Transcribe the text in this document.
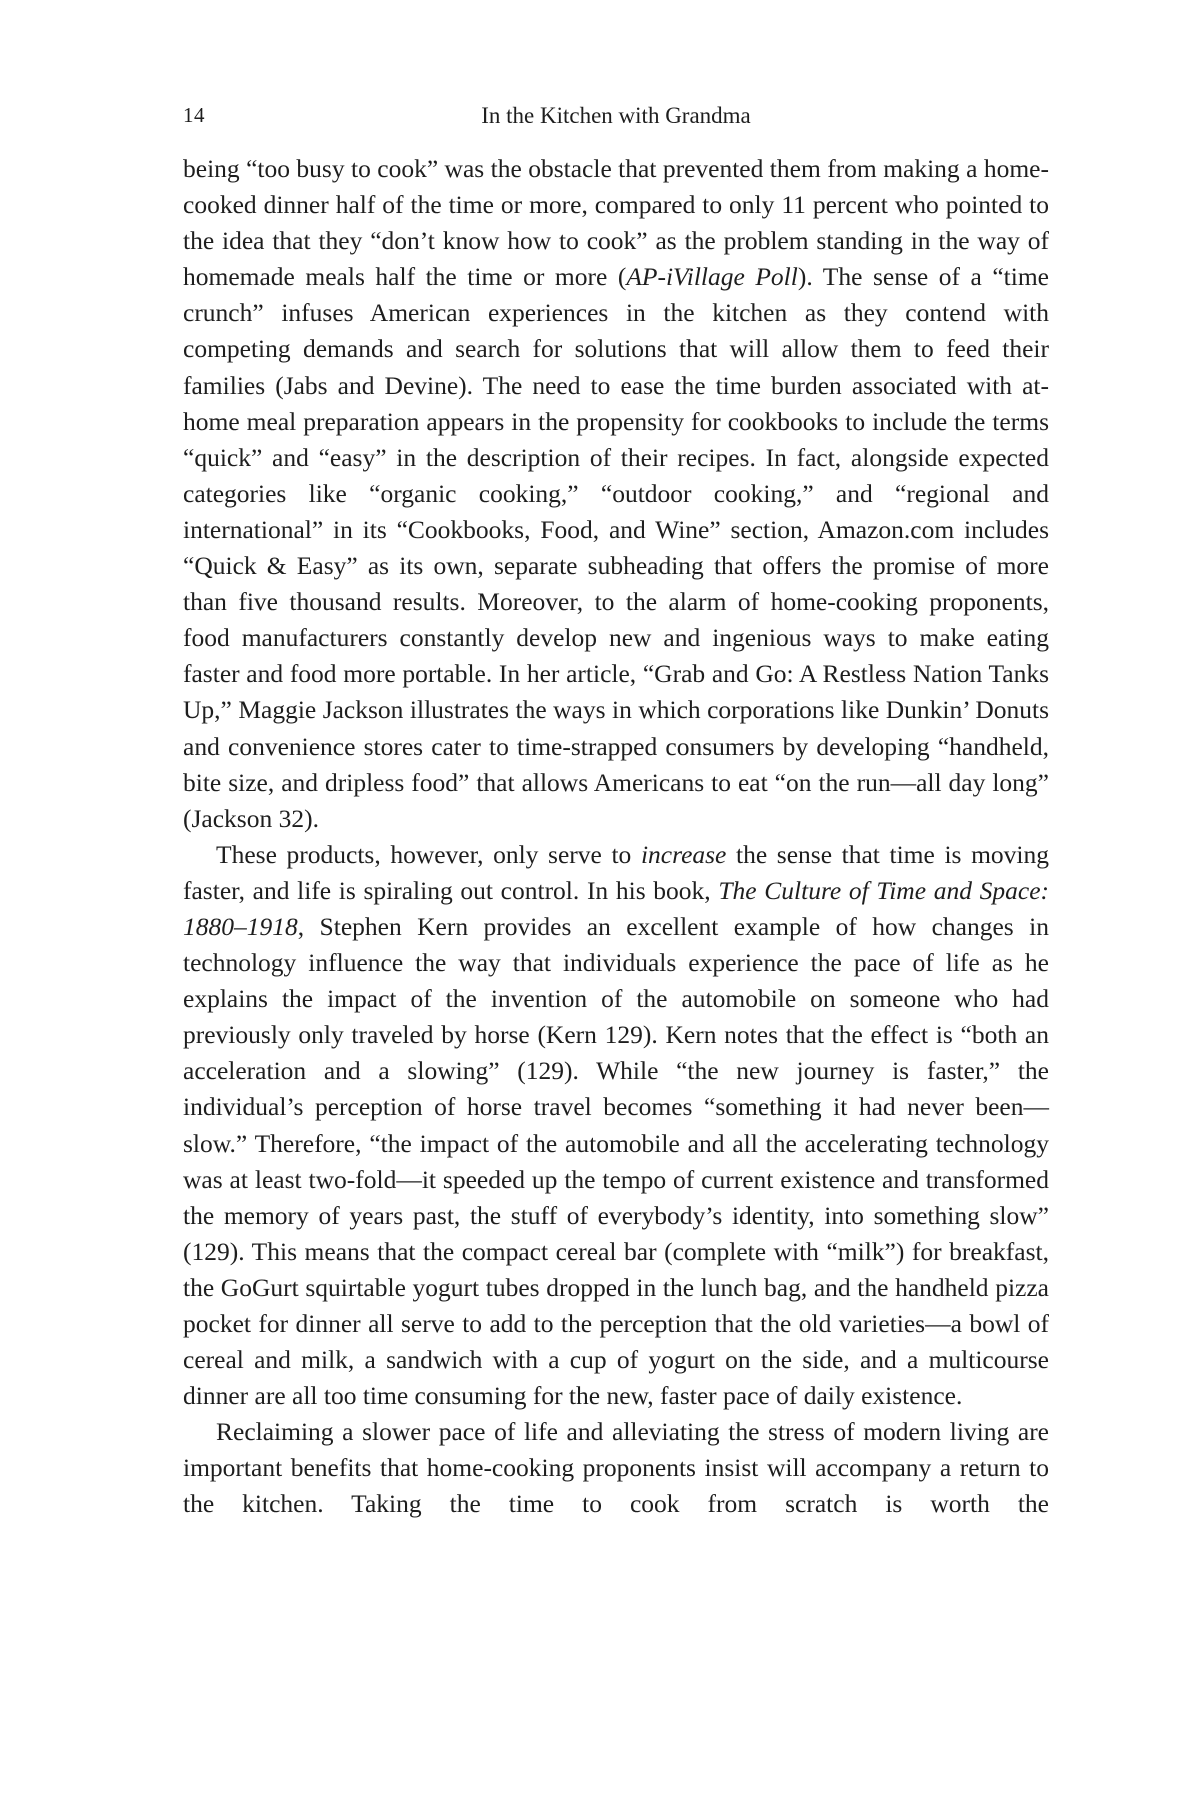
14	In the Kitchen with Grandma

being “too busy to cook” was the obstacle that prevented them from making a home-cooked dinner half of the time or more, compared to only 11 percent who pointed to the idea that they “don’t know how to cook” as the problem standing in the way of homemade meals half the time or more (AP-iVillage Poll). The sense of a “time crunch” infuses American experiences in the kitchen as they contend with competing demands and search for solutions that will allow them to feed their families (Jabs and Devine). The need to ease the time burden associated with at-home meal preparation appears in the propensity for cookbooks to include the terms “quick” and “easy” in the description of their recipes. In fact, alongside expected categories like “organic cooking,” “outdoor cooking,” and “regional and international” in its “Cookbooks, Food, and Wine” section, Amazon.com includes “Quick & Easy” as its own, separate subheading that offers the promise of more than five thousand results. Moreover, to the alarm of home-cooking proponents, food manufacturers constantly develop new and ingenious ways to make eating faster and food more portable. In her article, “Grab and Go: A Restless Nation Tanks Up,” Maggie Jackson illustrates the ways in which corporations like Dunkin’ Donuts and convenience stores cater to time-strapped consumers by developing “handheld, bite size, and dripless food” that allows Americans to eat “on the run—all day long” (Jackson 32).

These products, however, only serve to increase the sense that time is moving faster, and life is spiraling out control. In his book, The Culture of Time and Space: 1880–1918, Stephen Kern provides an excellent example of how changes in technology influence the way that individuals experience the pace of life as he explains the impact of the invention of the automobile on someone who had previously only traveled by horse (Kern 129). Kern notes that the effect is “both an acceleration and a slowing” (129). While “the new journey is faster,” the individual’s perception of horse travel becomes “something it had never been—slow.” Therefore, “the impact of the automobile and all the accelerating technology was at least two-fold—it speeded up the tempo of current existence and transformed the memory of years past, the stuff of everybody’s identity, into something slow” (129). This means that the compact cereal bar (complete with “milk”) for breakfast, the GoGurt squirtable yogurt tubes dropped in the lunch bag, and the handheld pizza pocket for dinner all serve to add to the perception that the old varieties—a bowl of cereal and milk, a sandwich with a cup of yogurt on the side, and a multicourse dinner are all too time consuming for the new, faster pace of daily existence.

Reclaiming a slower pace of life and alleviating the stress of modern living are important benefits that home-cooking proponents insist will accompany a return to the kitchen. Taking the time to cook from scratch is worth the
